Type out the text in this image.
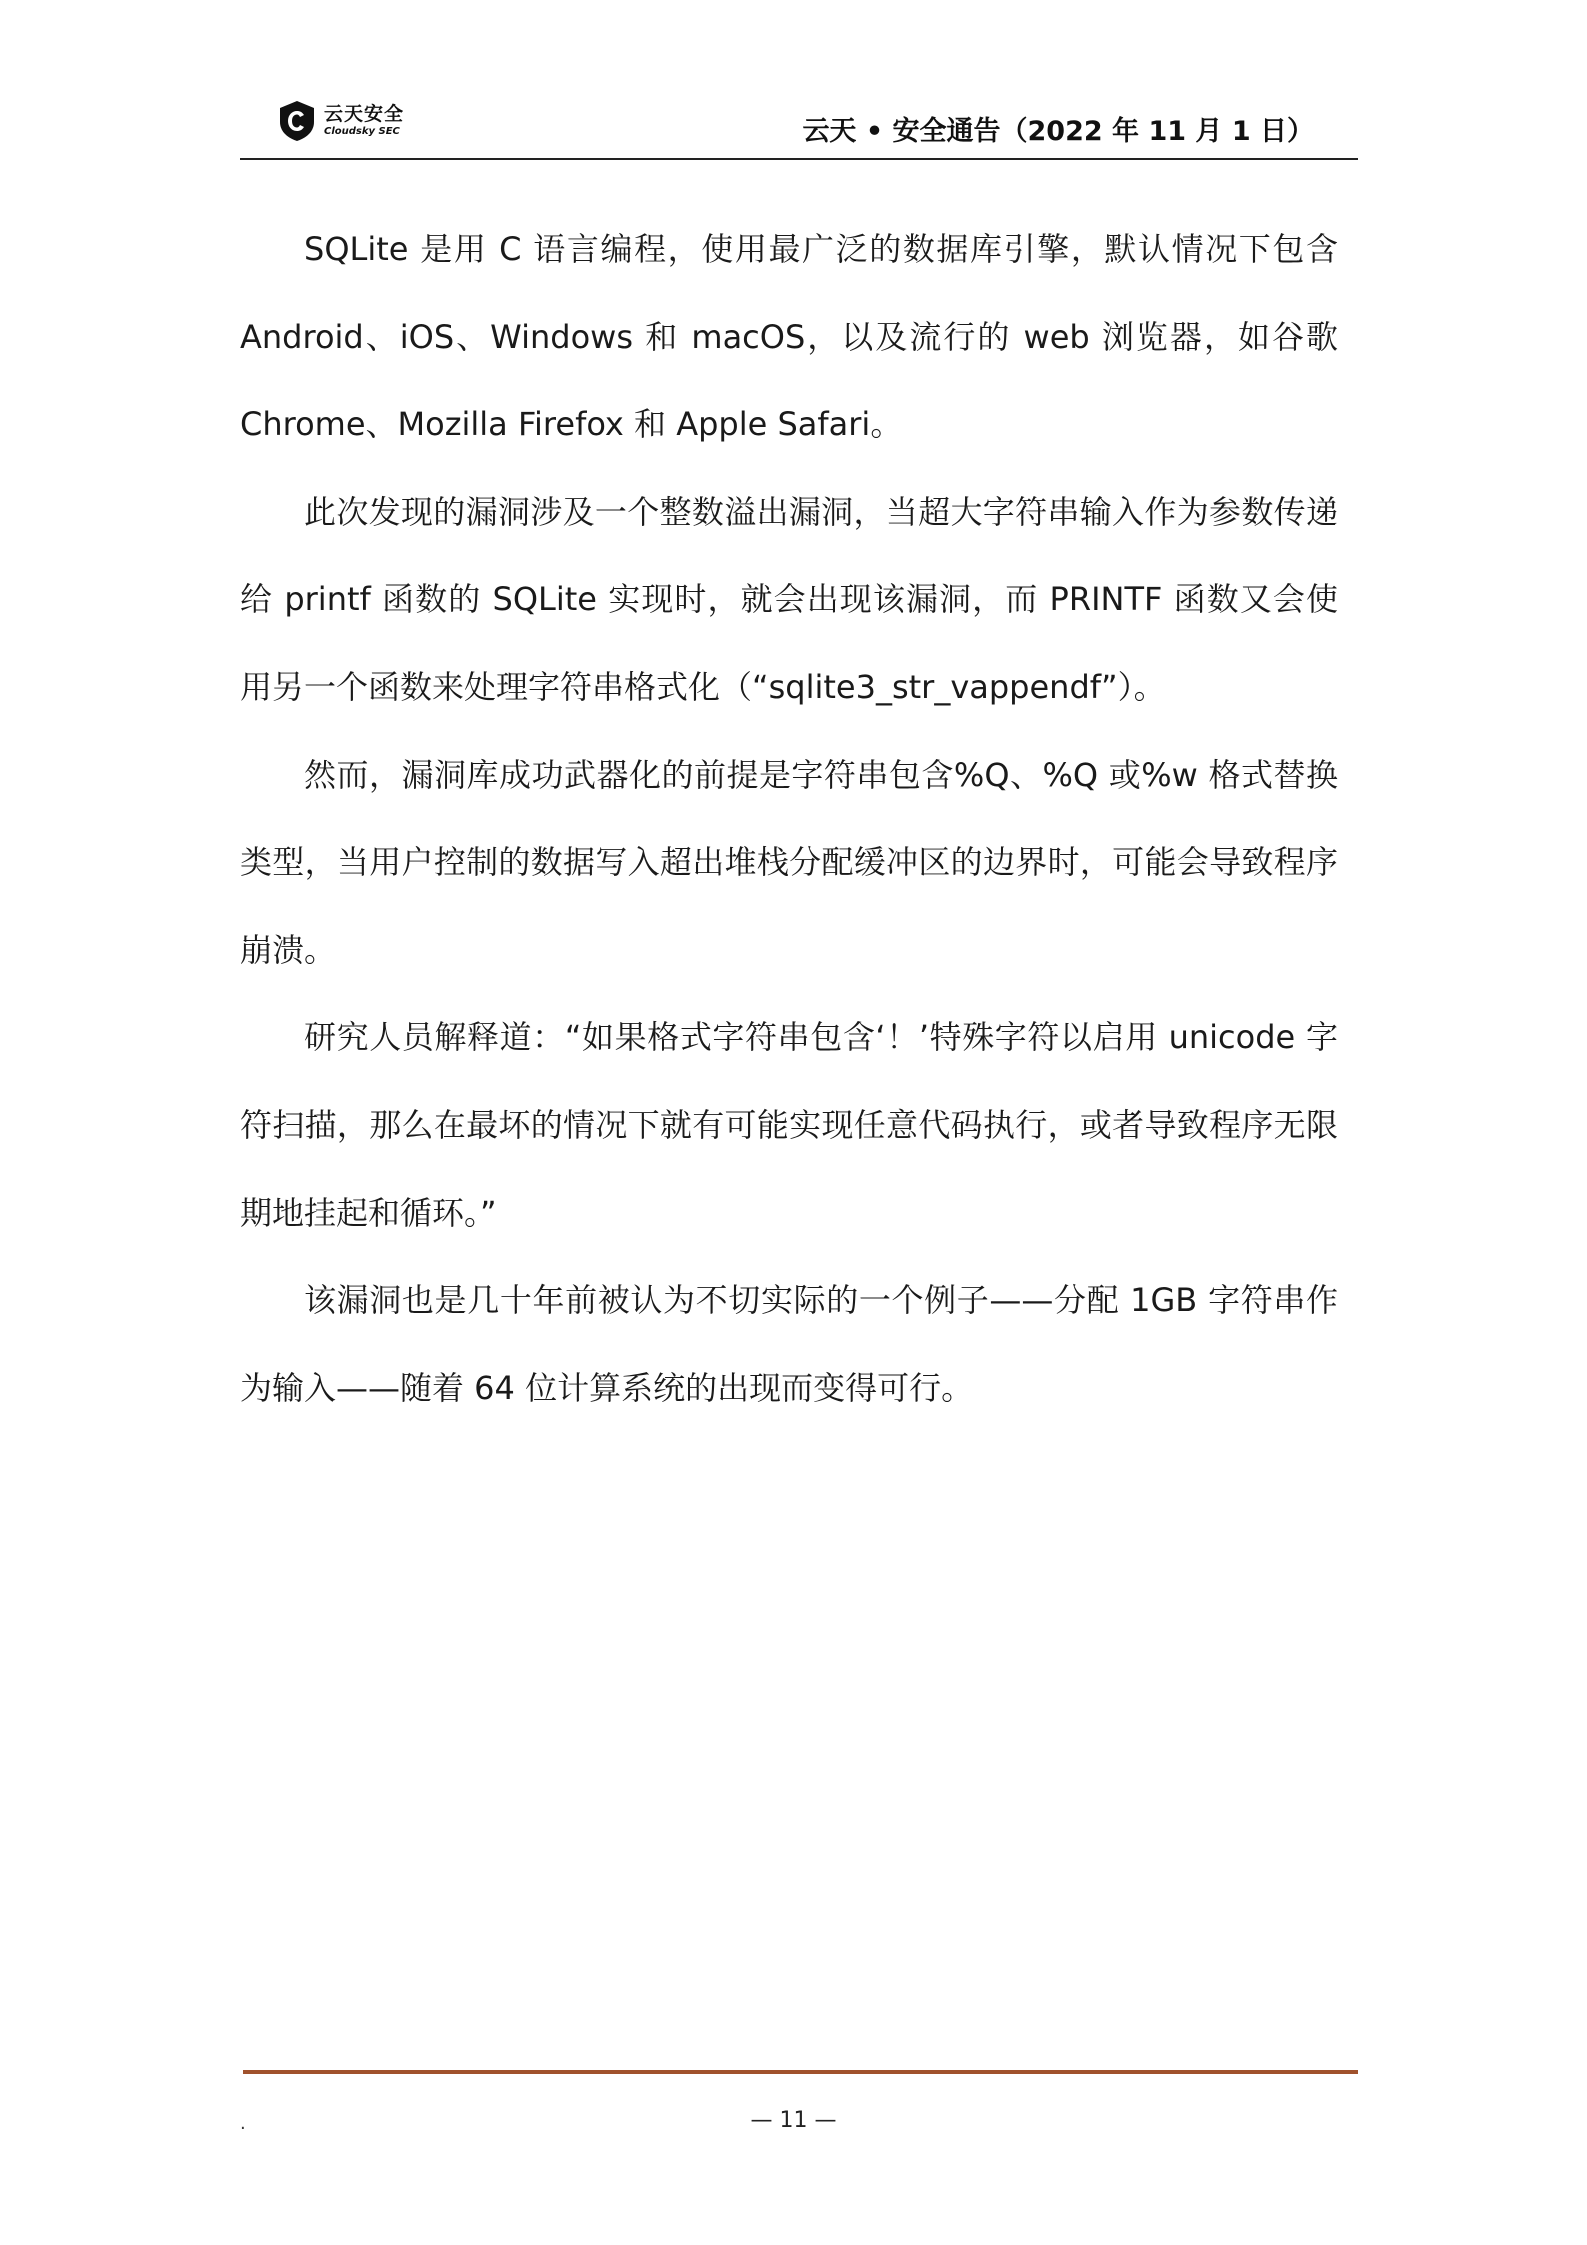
云天安全
Cloudsky SEC	云天 • 安全通告（2022 年 11 月 1 日）

SQLite 是用 C 语言编程，使用最广泛的数据库引擎，默认情况下包含 Android、iOS、Windows 和 macOS，以及流行的 web 浏览器，如谷歌 Chrome、Mozilla Firefox 和 Apple Safari。

此次发现的漏洞涉及一个整数溢出漏洞，当超大字符串输入作为参数传递给 printf 函数的 SQLite 实现时，就会出现该漏洞，而 PRINTF 函数又会使用另一个函数来处理字符串格式化（“sqlite3_str_vappendf”）。

然而，漏洞库成功武器化的前提是字符串包含%Q、%Q 或%w 格式替换类型，当用户控制的数据写入超出堆栈分配缓冲区的边界时，可能会导致程序崩溃。

研究人员解释道：“如果格式字符串包含‘！’特殊字符以启用 unicode 字符扫描，那么在最坏的情况下就有可能实现任意代码执行，或者导致程序无限期地挂起和循环。”

该漏洞也是几十年前被认为不切实际的一个例子——分配 1GB 字符串作为输入——随着 64 位计算系统的出现而变得可行。

.	— 11 —
